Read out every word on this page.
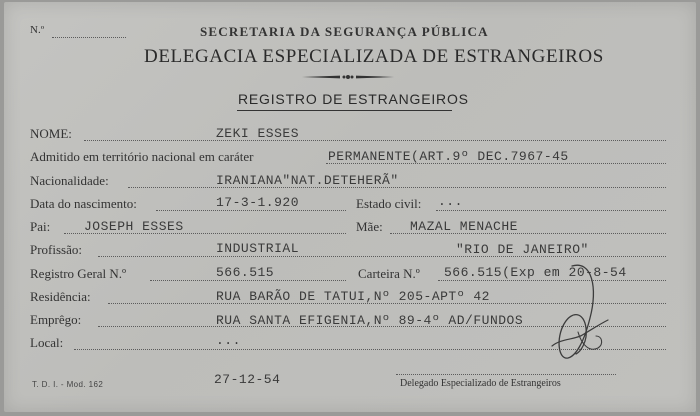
N.º	SECRETARIA DA SEGURANÇA PÚBLICA
DELEGACIA ESPECIALIZADA DE ESTRANGEIROS
REGISTRO DE ESTRANGEIROS
NOME:	ZEKI ESSES
Admitido em território nacional em caráter	PERMANENTE(ART.9º DEC.7967-45
Nacionalidade:	IRANIANA"NAT.DETEHERÃ"
Data do nascimento:	17-3-1.920	Estado civil: ...
Pai:	JOSEPH ESSES	Mãe: MAZAL MENACHE
Profissão:	INDUSTRIAL	"RIO DE JANEIRO"
Registro Geral N.º	566.515	Carteira N.º 566.515(Exp em 20-8-54
Residência:	RUA BARÃO DE TATUI,Nº 205-APTº 42
Emprêgo:	RUA SANTA EFIGENIA,Nº 89-4º AD/FUNDOS
Local:	...
T. D. I. - Mod. 162	27-12-54	Delegado Especializado de Estrangeiros
